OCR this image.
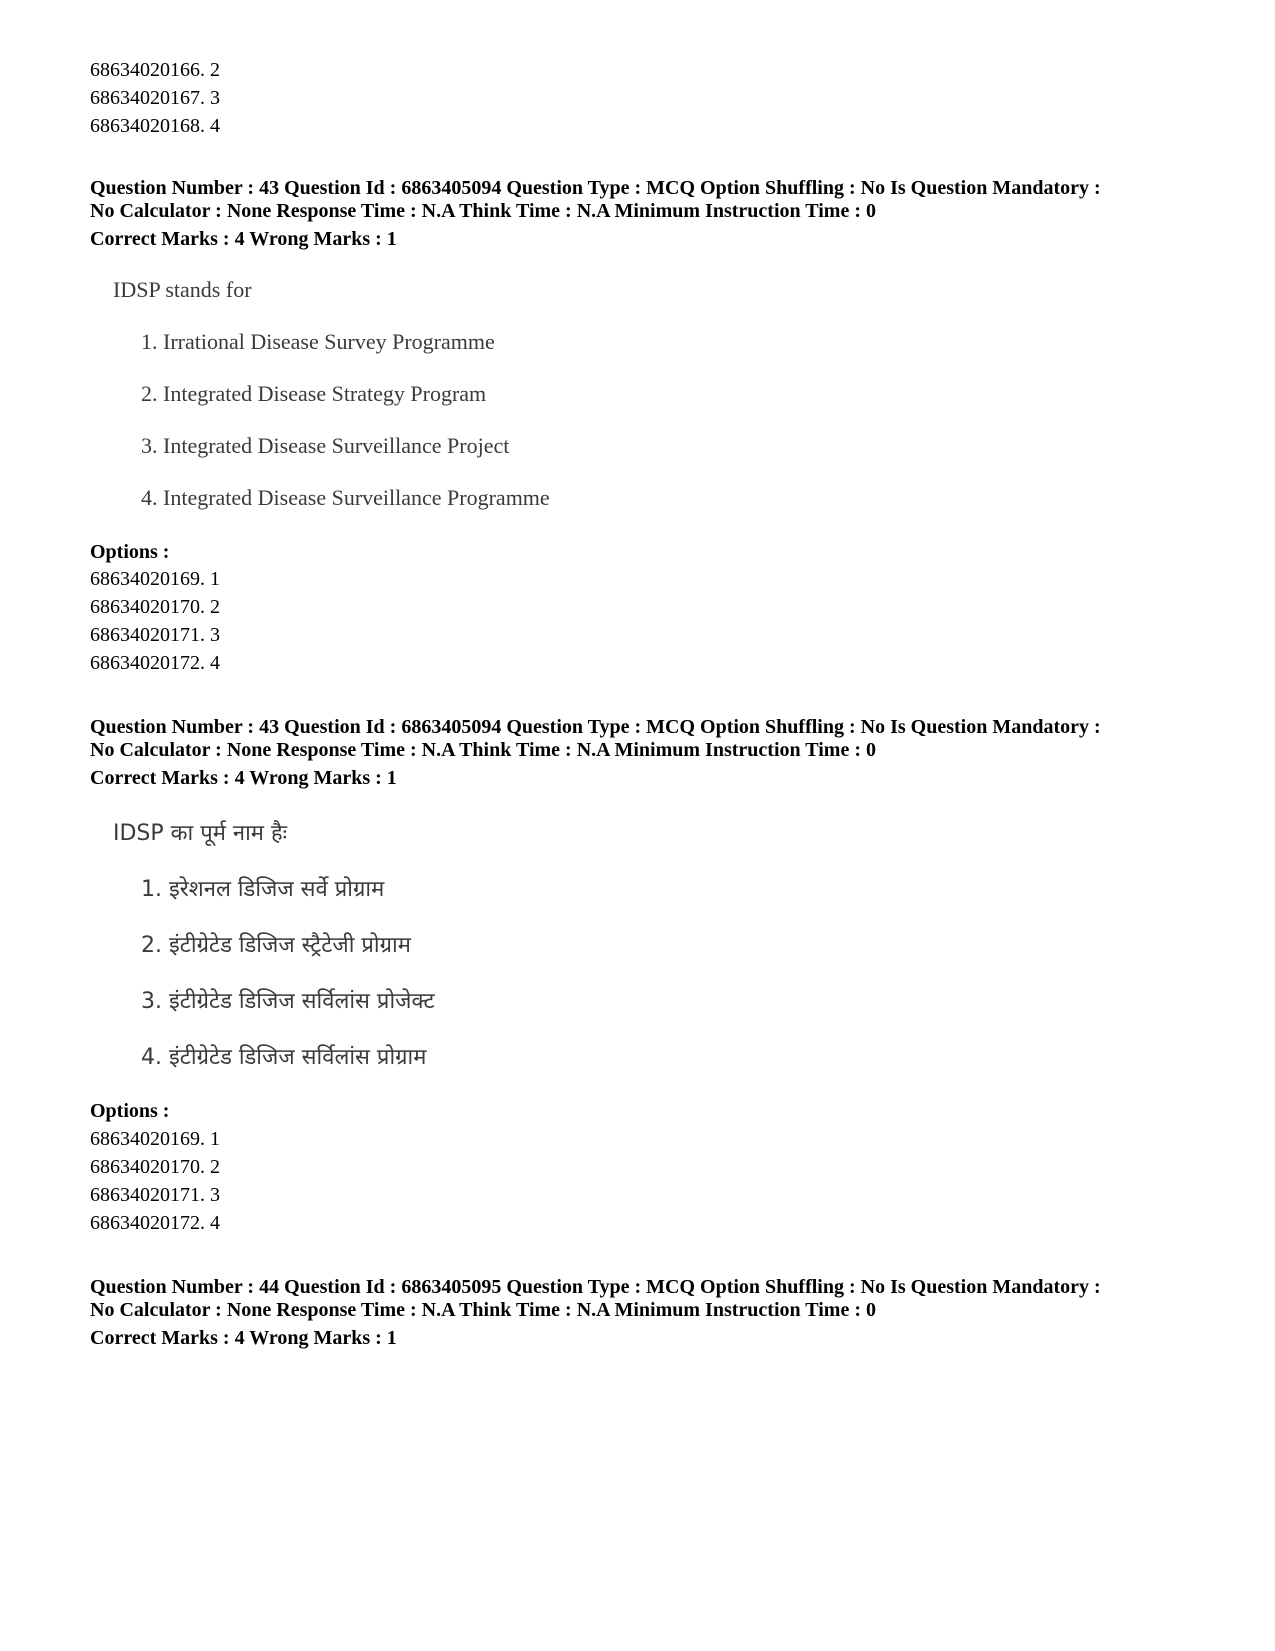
68634020166. 2
68634020167. 3
68634020168. 4
Question Number : 43 Question Id : 6863405094 Question Type : MCQ Option Shuffling : No Is Question Mandatory :
No Calculator : None Response Time : N.A Think Time : N.A Minimum Instruction Time : 0
Correct Marks : 4 Wrong Marks : 1
IDSP stands for
1. Irrational Disease Survey Programme
2. Integrated Disease Strategy Program
3. Integrated Disease Surveillance Project
4. Integrated Disease Surveillance Programme
Options :
68634020169. 1
68634020170. 2
68634020171. 3
68634020172. 4
Question Number : 43 Question Id : 6863405094 Question Type : MCQ Option Shuffling : No Is Question Mandatory :
No Calculator : None Response Time : N.A Think Time : N.A Minimum Instruction Time : 0
Correct Marks : 4 Wrong Marks : 1
IDSP का पूर्म नाम हैः
1. इरेशनल डिजिज सर्वे प्रोग्राम
2. इंटीग्रेटेड डिजिज स्ट्रैटेजी प्रोग्राम
3. इंटीग्रेटेड डिजिज सर्विलांस प्रोजेक्ट
4. इंटीग्रेटेड डिजिज सर्विलांस प्रोग्राम
Options :
68634020169. 1
68634020170. 2
68634020171. 3
68634020172. 4
Question Number : 44 Question Id : 6863405095 Question Type : MCQ Option Shuffling : No Is Question Mandatory :
No Calculator : None Response Time : N.A Think Time : N.A Minimum Instruction Time : 0
Correct Marks : 4 Wrong Marks : 1
